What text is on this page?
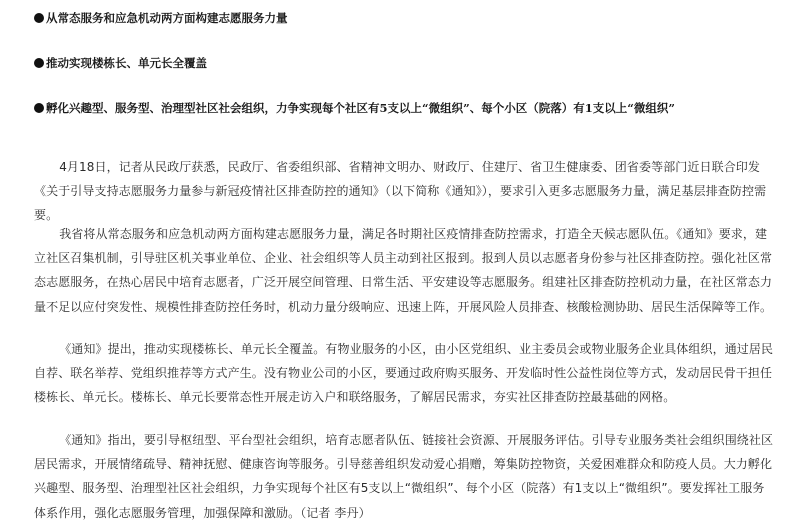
从常态服务和应急机动两方面构建志愿服务力量
推动实现楼栋长、单元长全覆盖
孵化兴趣型、服务型、治理型社区社会组织，力争实现每个社区有5支以上“微组织”、每个小区（院落）有1支以上“微组织”

4月18日，记者从民政厅获悉，民政厅、省委组织部、省精神文明办、财政厅、住建厅、省卫生健康委、团省委等部门近日联合印发《关于引导支持志愿服务力量参与新冠疫情社区排查防控的通知》（以下简称《通知》），要求引入更多志愿服务力量，满足基层排查防控需要。

我省将从常态服务和应急机动两方面构建志愿服务力量，满足各时期社区疫情排查防控需求，打造全天候志愿队伍。《通知》要求，建立社区召集机制，引导驻区机关事业单位、企业、社会组织等人员主动到社区报到。报到人员以志愿者身份参与社区排查防控。强化社区常态志愿服务，在热心居民中培育志愿者，广泛开展空间管理、日常生活、平安建设等志愿服务。组建社区排查防控机动力量，在社区常态力量不足以应付突发性、规模性排查防控任务时，机动力量分级响应、迅速上阵，开展风险人员排查、核酸检测协助、居民生活保障等工作。

《通知》提出，推动实现楼栋长、单元长全覆盖。有物业服务的小区，由小区党组织、业主委员会或物业服务企业具体组织，通过居民自荐、联名举荐、党组织推荐等方式产生。没有物业公司的小区，要通过政府购买服务、开发临时性公益性岗位等方式，发动居民骨干担任楼栋长、单元长。楼栋长、单元长要常态性开展走访入户和联络服务，了解居民需求，夯实社区排查防控最基础的网格。

《通知》指出，要引导枢纽型、平台型社会组织，培育志愿者队伍、链接社会资源、开展服务评估。引导专业服务类社会组织围绕社区居民需求，开展情绪疏导、精神抚慰、健康咨询等服务。引导慈善组织发动爱心捐赠，筹集防控物资，关爱困难群众和防疫人员。大力孵化兴趣型、服务型、治理型社区社会组织，力争实现每个社区有5支以上“微组织”、每个小区（院落）有1支以上“微组织”。要发挥社工服务体系作用，强化志愿服务管理，加强保障和激励。（记者 李丹）
